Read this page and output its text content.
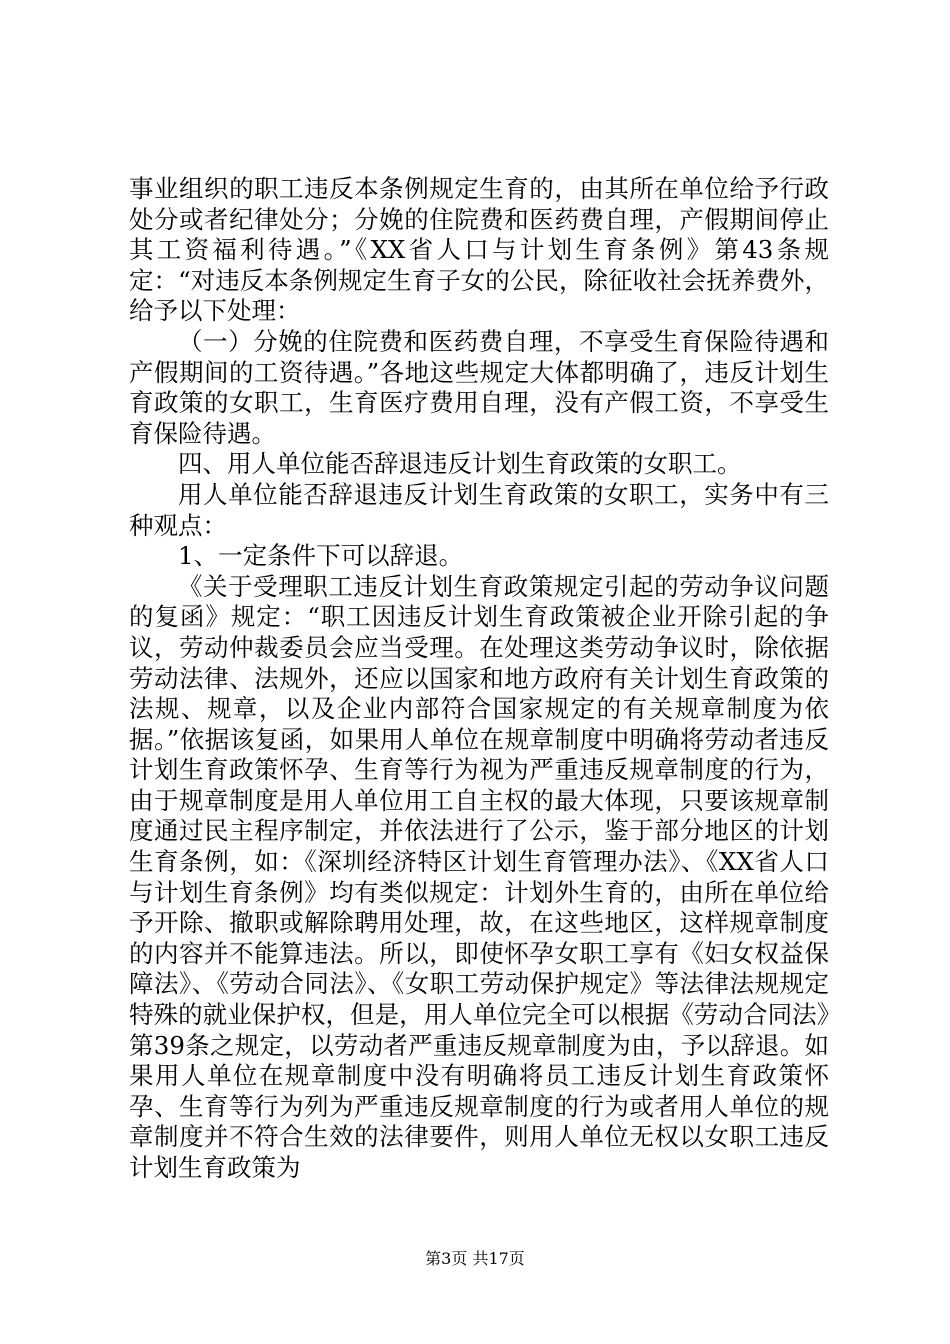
事业组织的职工违反本条例规定生育的，由其所在单位给予行政处分或者纪律处分；分娩的住院费和医药费自理，产假期间停止其工资福利待遇。”《XX省人口与计划生育条例》第43条规定：“对违反本条例规定生育子女的公民，除征收社会抚养费外，给予以下处理：

（一）分娩的住院费和医药费自理，不享受生育保险待遇和产假期间的工资待遇。”各地这些规定大体都明确了，违反计划生育政策的女职工，生育医疗费用自理，没有产假工资，不享受生育保险待遇。

四、用人单位能否辞退违反计划生育政策的女职工。

用人单位能否辞退违反计划生育政策的女职工，实务中有三种观点：

1、一定条件下可以辞退。

《关于受理职工违反计划生育政策规定引起的劳动争议问题的复函》规定：“职工因违反计划生育政策被企业开除引起的争议，劳动仲裁委员会应当受理。在处理这类劳动争议时，除依据劳动法律、法规外，还应以国家和地方政府有关计划生育政策的法规、规章，以及企业内部符合国家规定的有关规章制度为依据。”依据该复函，如果用人单位在规章制度中明确将劳动者违反计划生育政策怀孕、生育等行为视为严重违反规章制度的行为，由于规章制度是用人单位用工自主权的最大体现，只要该规章制度通过民主程序制定，并依法进行了公示，鉴于部分地区的计划生育条例，如：《深圳经济特区计划生育管理办法》、《XX省人口与计划生育条例》均有类似规定：计划外生育的，由所在单位给予开除、撤职或解除聘用处理，故，在这些地区，这样规章制度的内容并不能算违法。所以，即使怀孕女职工享有《妇女权益保障法》、《劳动合同法》、《女职工劳动保护规定》等法律法规规定特殊的就业保护权，但是，用人单位完全可以根据《劳动合同法》第39条之规定，以劳动者严重违反规章制度为由，予以辞退。如果用人单位在规章制度中没有明确将员工违反计划生育政策怀孕、生育等行为列为严重违反规章制度的行为或者用人单位的规章制度并不符合生效的法律要件，则用人单位无权以女职工违反计划生育政策为

第3页 共17页
